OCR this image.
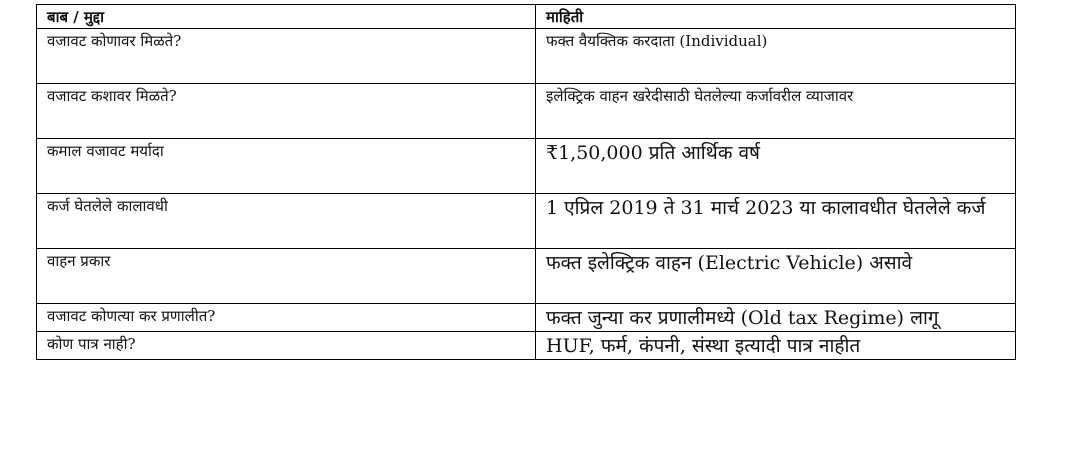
बाब / मुद्दा	माहिती
वजावट कोणावर मिळते?	फक्त वैयक्तिक करदाता (Individual)
वजावट कशावर मिळते?	इलेक्ट्रिक वाहन खरेदीसाठी घेतलेल्या कर्जावरील व्याजावर
कमाल वजावट मर्यादा	₹1,50,000 प्रति आर्थिक वर्ष
कर्ज घेतलेले कालावधी	1 एप्रिल 2019 ते 31 मार्च 2023 या कालावधीत घेतलेले कर्ज
वाहन प्रकार	फक्त इलेक्ट्रिक वाहन (Electric Vehicle) असावे
वजावट कोणत्या कर प्रणालीत?	फक्त जुन्या कर प्रणालीमध्ये (Old tax Regime) लागू
कोण पात्र नाही?	HUF, फर्म, कंपनी, संस्था इत्यादी पात्र नाहीत
